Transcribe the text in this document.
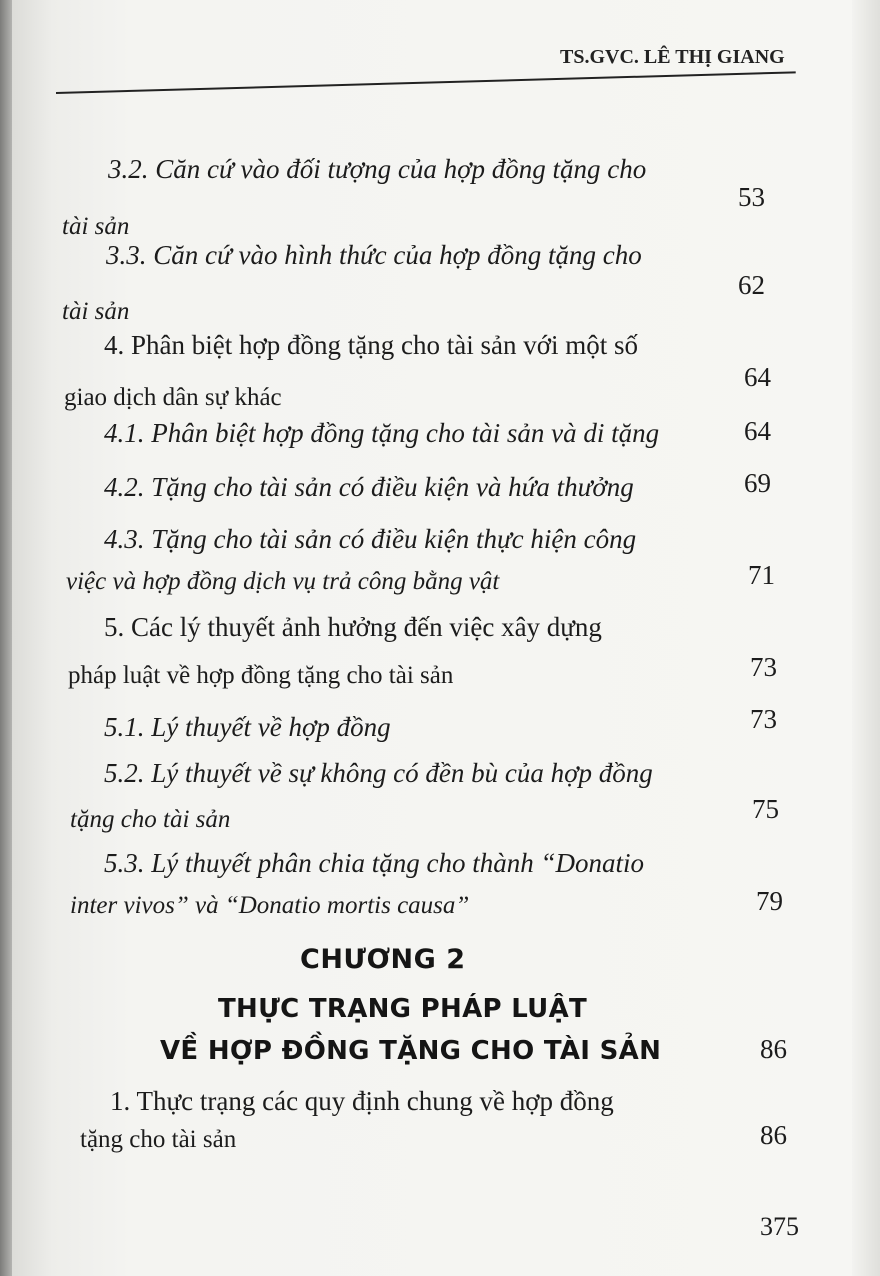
TS.GVC. LÊ THỊ GIANG
3.2. Căn cứ vào đối tượng của hợp đồng tặng cho
tài sản
53
3.3. Căn cứ vào hình thức của hợp đồng tặng cho
tài sản
62
4. Phân biệt hợp đồng tặng cho tài sản với một số
giao dịch dân sự khác
64
4.1. Phân biệt hợp đồng tặng cho tài sản và di tặng	64
4.2. Tặng cho tài sản có điều kiện và hứa thưởng	69
4.3. Tặng cho tài sản có điều kiện thực hiện công
việc và hợp đồng dịch vụ trả công bằng vật	71
5. Các lý thuyết ảnh hưởng đến việc xây dựng
pháp luật về hợp đồng tặng cho tài sản	73
5.1. Lý thuyết về hợp đồng	73
5.2. Lý thuyết về sự không có đền bù của hợp đồng
tặng cho tài sản	75
5.3. Lý thuyết phân chia tặng cho thành “Donatio
inter vivos” và “Donatio mortis causa”	79
CHƯƠNG 2
THỰC TRẠNG PHÁP LUẬT
VỀ HỢP ĐỒNG TẶNG CHO TÀI SẢN	86
1. Thực trạng các quy định chung về hợp đồng
tặng cho tài sản	86
375
